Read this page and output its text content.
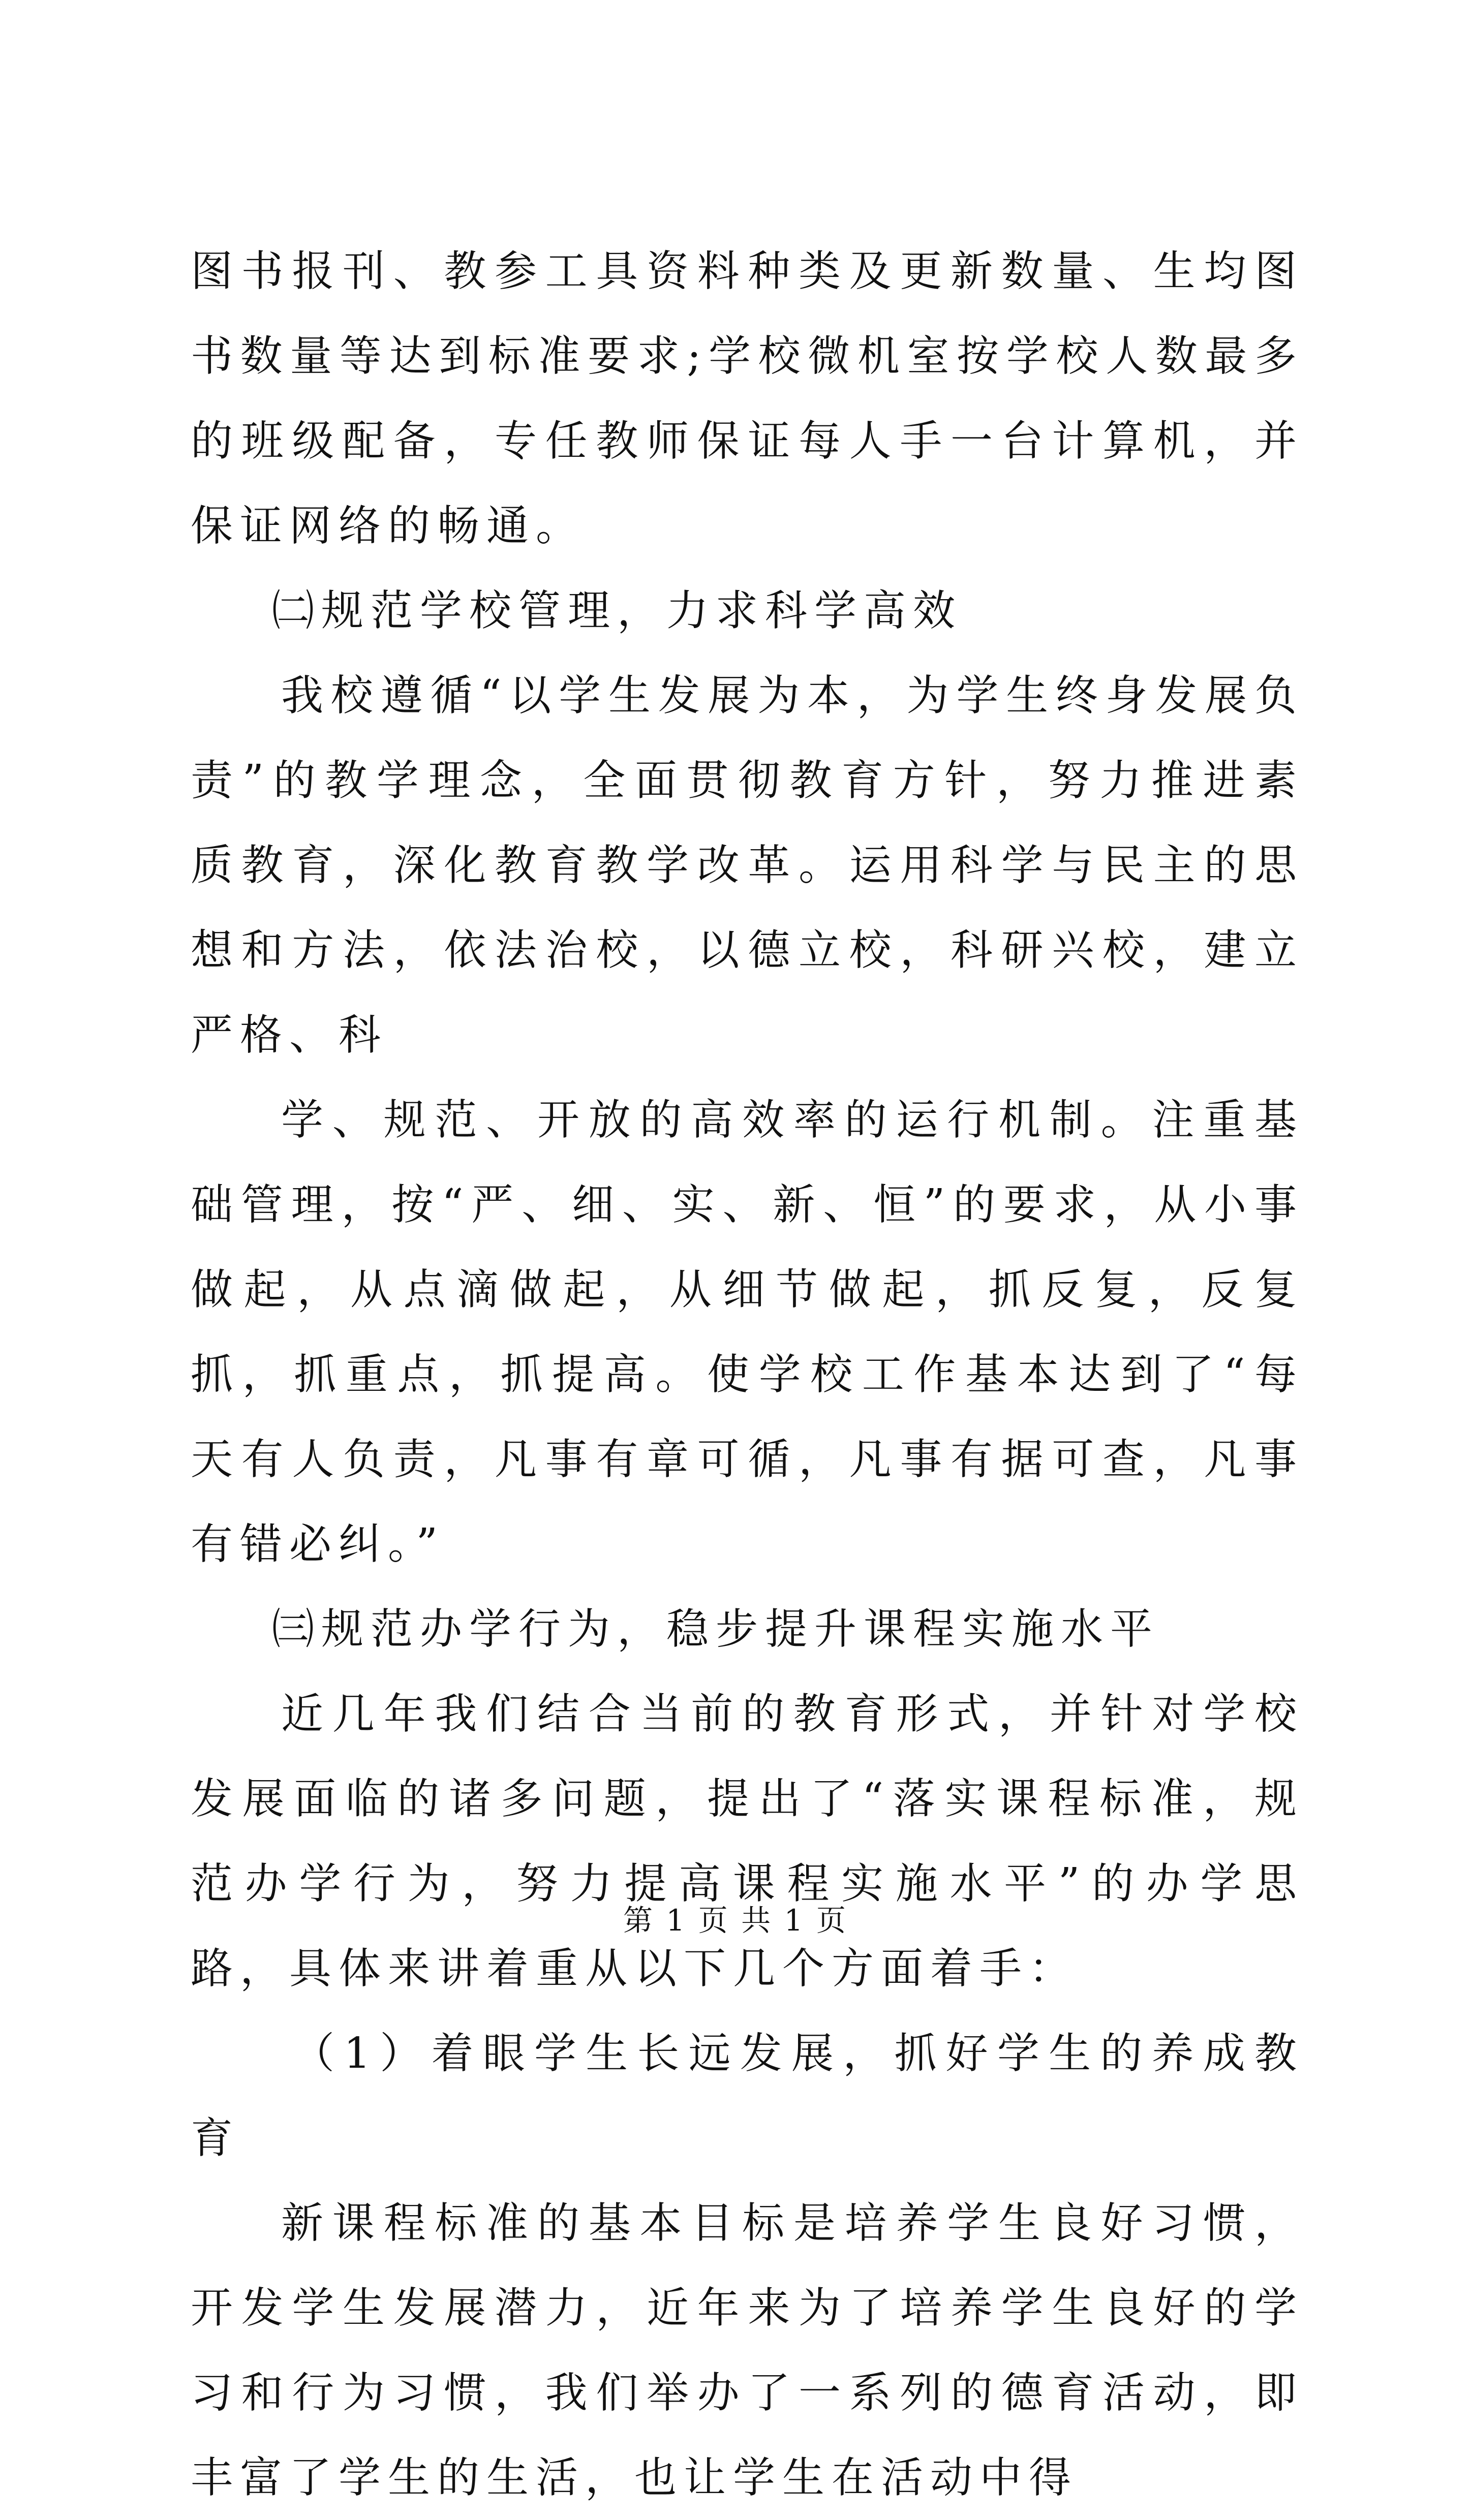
图书报刊、教参工具资料种类及更新数量、生均图书数量等达到标准要求;学校微机室按学校人数最多的班级配备，专任教师保证每人手一台计算机，并保证网络的畅通。

㈡规范学校管理，力求科学高效

我校遵循“以学生发展为本，为学生终身发展负责”的教学理念，全面贯彻教育方针，努力推进素质教育，深化教育教学改革。运用科学与民主的思想和方法，依法治校，以德立校，科研兴校，建立严格、科

学、规范、开放的高效率的运行机制。注重基础管理，按“严、细、实、新、恒”的要求，从小事做起，从点滴做起，从细节做起，抓反复，反复抓，抓重点，抓提高。使学校工作基本达到了“每天有人负责，凡事有章可循，凡事有据可查，凡事有错必纠。”

㈢规范办学行为，稳步提升课程实施水平

近几年我们结合当前的教育形式，并针对学校发展面临的诸多问题，提出了“落实课程标准，规范办学行为，努力提高课程实施水平”的办学思路，具体来讲着重从以下几个方面着手：

（1）着眼学生长远发展，抓好学生的养成教育

新课程标准的基本目标是培养学生良好习惯，开发学生发展潜力，近年来为了培养学生良好的学习和行为习惯，我们举办了一系列的德育活动，即丰富了学生的生活，也让学生在活动中得

第 1 页 共 1 页
